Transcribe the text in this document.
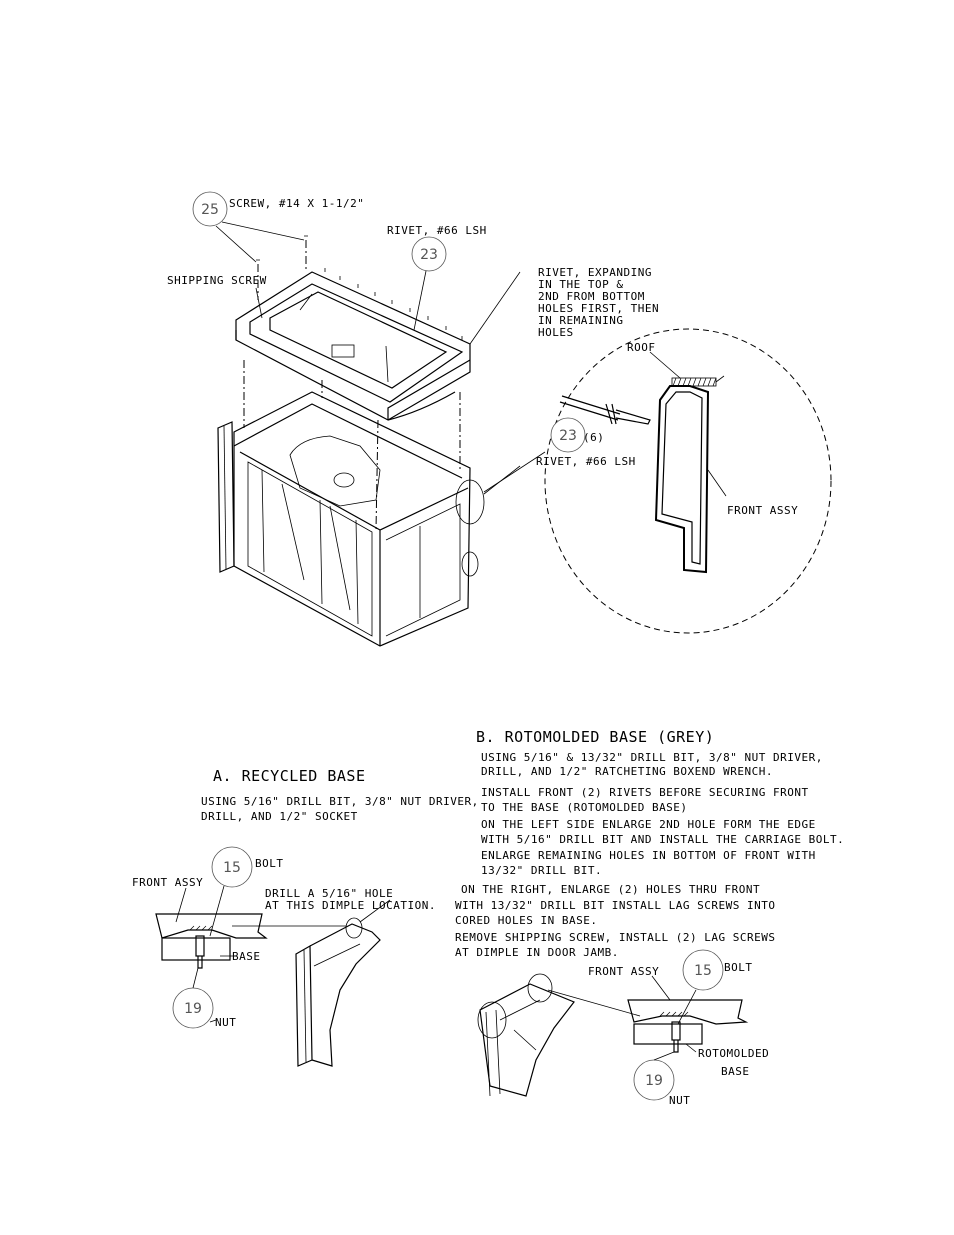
25
23
23
15
19
15
19
SCREW, #14 X 1-1/2"
RIVET, #66 LSH
SHIPPING SCREW
RIVET, EXPANDING
IN THE TOP &
2ND FROM BOTTOM
HOLES FIRST, THEN
IN REMAINING
HOLES
ROOF
(6)
RIVET, #66 LSH
FRONT ASSY
A. RECYCLED BASE
USING 5/16" DRILL BIT, 3/8" NUT DRIVER,
DRILL, AND 1/2" SOCKET
FRONT ASSY
BOLT
DRILL A 5/16" HOLE
AT THIS DIMPLE LOCATION.
BASE
NUT
B. ROTOMOLDED BASE (GREY)
USING 5/16" & 13/32" DRILL BIT, 3/8" NUT DRIVER,
DRILL, AND 1/2" RATCHETING BOXEND WRENCH.
INSTALL FRONT (2) RIVETS BEFORE SECURING FRONT
TO THE BASE (ROTOMOLDED BASE)
ON THE LEFT SIDE ENLARGE 2ND HOLE FORM THE EDGE
WITH 5/16" DRILL BIT AND INSTALL THE CARRIAGE BOLT.
ENLARGE REMAINING HOLES IN BOTTOM OF FRONT WITH
13/32" DRILL BIT.
ON THE RIGHT, ENLARGE (2) HOLES THRU FRONT
WITH 13/32" DRILL BIT INSTALL LAG SCREWS INTO
CORED HOLES IN BASE.
REMOVE SHIPPING SCREW, INSTALL (2) LAG SCREWS
AT DIMPLE IN DOOR JAMB.
FRONT ASSY	BOLT
ROTOMOLDED
BASE
NUT
